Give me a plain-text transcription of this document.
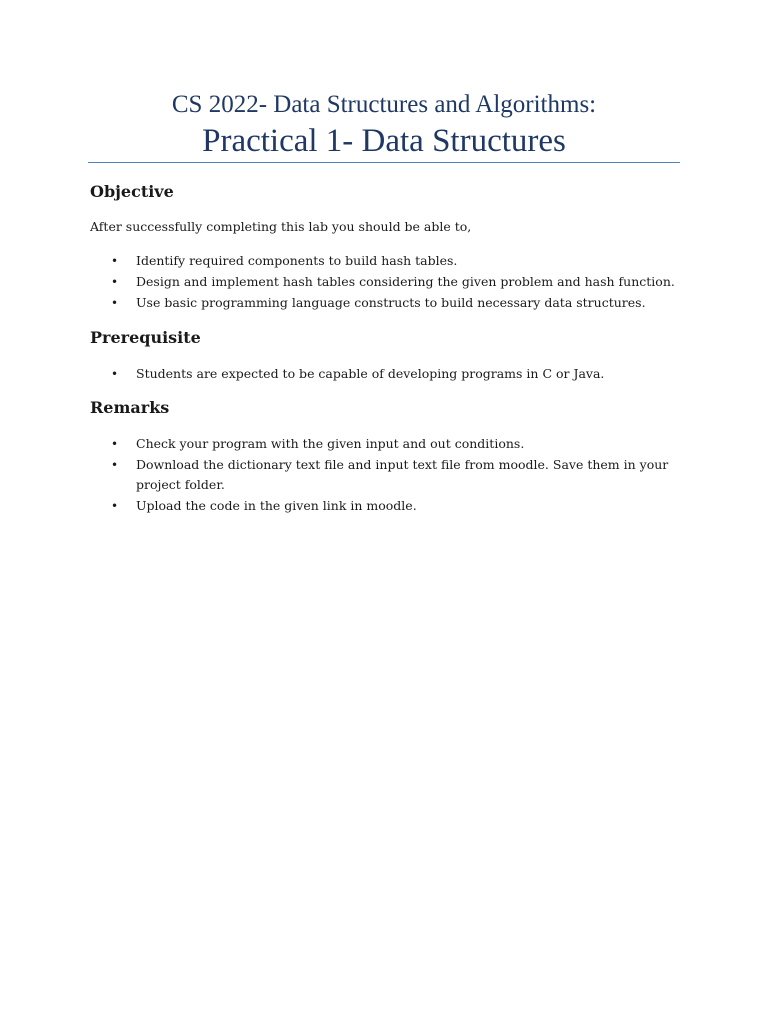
CS 2022- Data Structures and Algorithms:

Practical 1- Data Structures
Objective

After successfully completing this lab you should be able to,

• Identify required components to build hash tables.
• Design and implement hash tables considering the given problem and hash function.
• Use basic programming language constructs to build necessary data structures.
Prerequisite
• Students are expected to be capable of developing programs in C or Java.
Remarks
• Check your program with the given input and out conditions.
• Download the dictionary text file and input text file from moodle. Save them in your project folder.
• Upload the code in the given link in moodle.
